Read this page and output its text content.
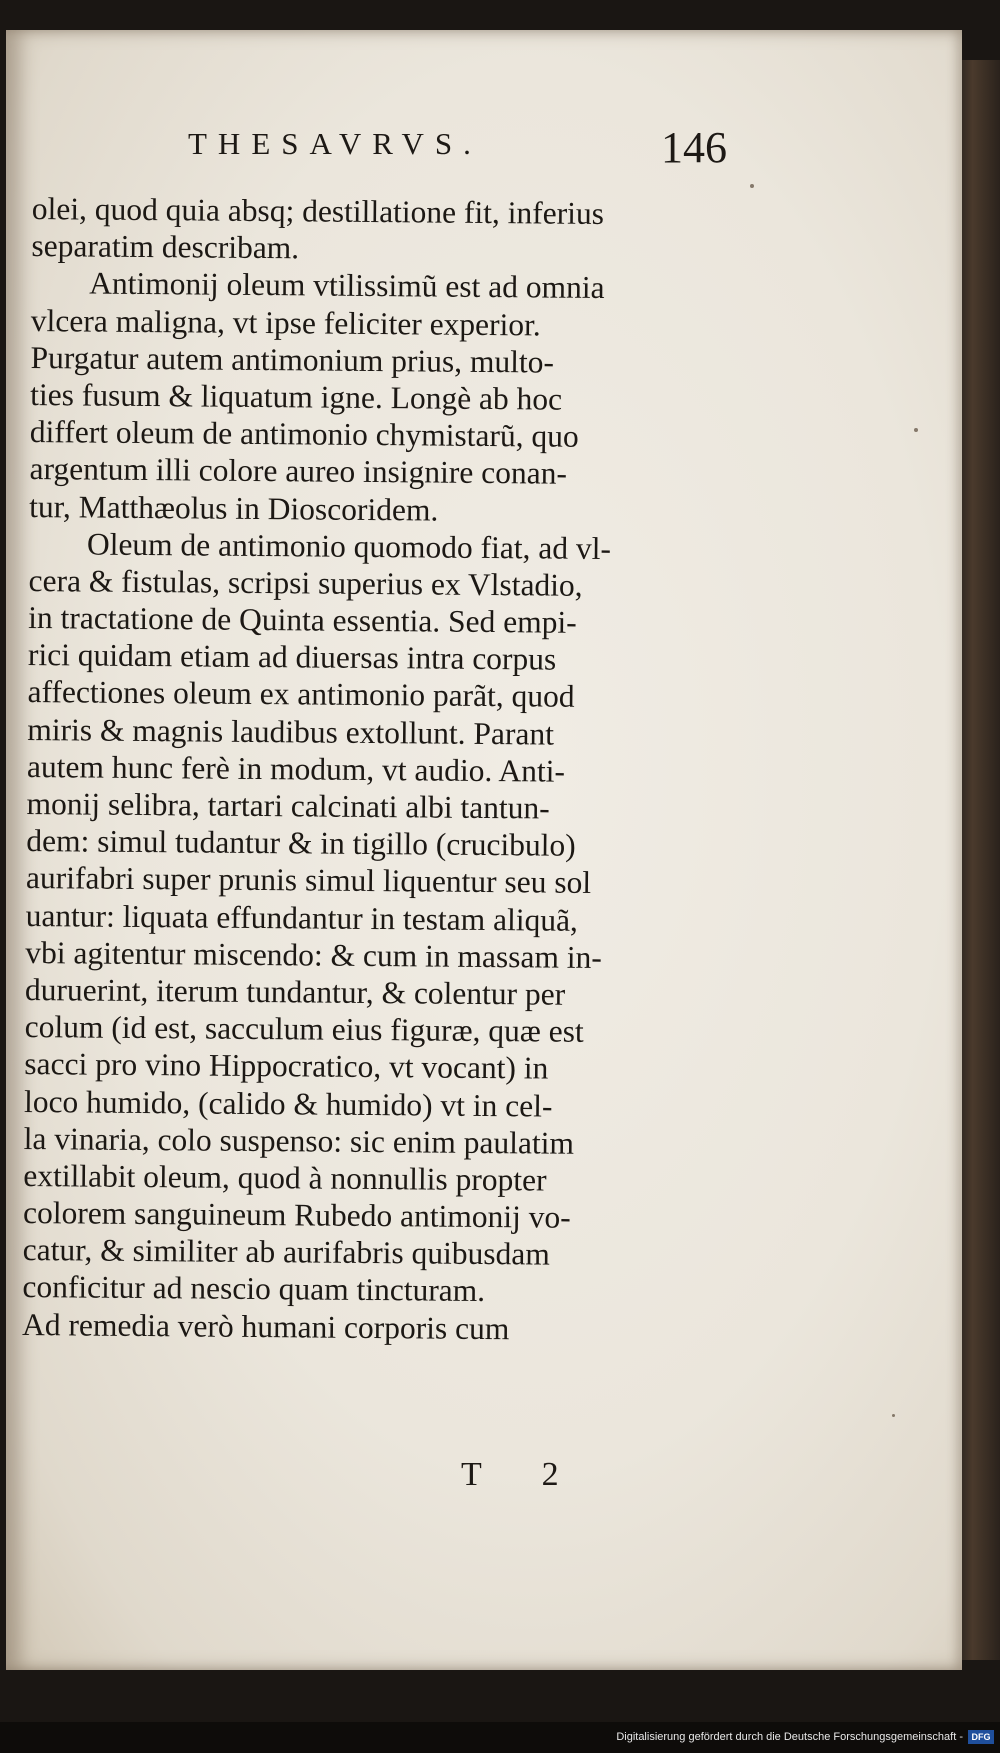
THESAVRVS.	146
olei, quod quia absq; destillatione fit, inferius
separatim describam.
Antimonij oleum vtilissimũ est ad omnia
vlcera maligna, vt ipse feliciter experior.
Purgatur autem antimonium prius, multo-
ties fusum & liquatum igne. Longè ab hoc
differt oleum de antimonio chymistarũ, quo
argentum illi colore aureo insignire conan-
tur, Matthæolus in Dioscoridem.
Oleum de antimonio quomodo fiat, ad vl-
cera & fistulas, scripsi superius ex Vlstadio,
in tractatione de Quinta essentia. Sed empi-
rici quidam etiam ad diuersas intra corpus
affectiones oleum ex antimonio parãt, quod
miris & magnis laudibus extollunt. Parant
autem hunc ferè in modum, vt audio. Anti-
monij selibra, tartari calcinati albi tantun-
dem: simul tudantur & in tigillo (crucibulo)
aurifabri super prunis simul liquentur seu sol
uantur: liquata effundantur in testam aliquã,
vbi agitentur miscendo: & cum in massam in-
duruerint, iterum tundantur, & colentur per
colum (id est, sacculum eius figuræ, quæ est
sacci pro vino Hippocratico, vt vocant) in
loco humido, (calido & humido) vt in cel-
la vinaria, colo suspenso: sic enim paulatim
extillabit oleum, quod à nonnullis propter
colorem sanguineum Rubedo antimonij vo-
catur, & similiter ab aurifabris quibusdam
conficitur ad nescio quam tincturam.
Ad remedia verò humani corporis cum
T 2
Digitalisierung gefördert durch die Deutsche Forschungsgemeinschaft - DFG
